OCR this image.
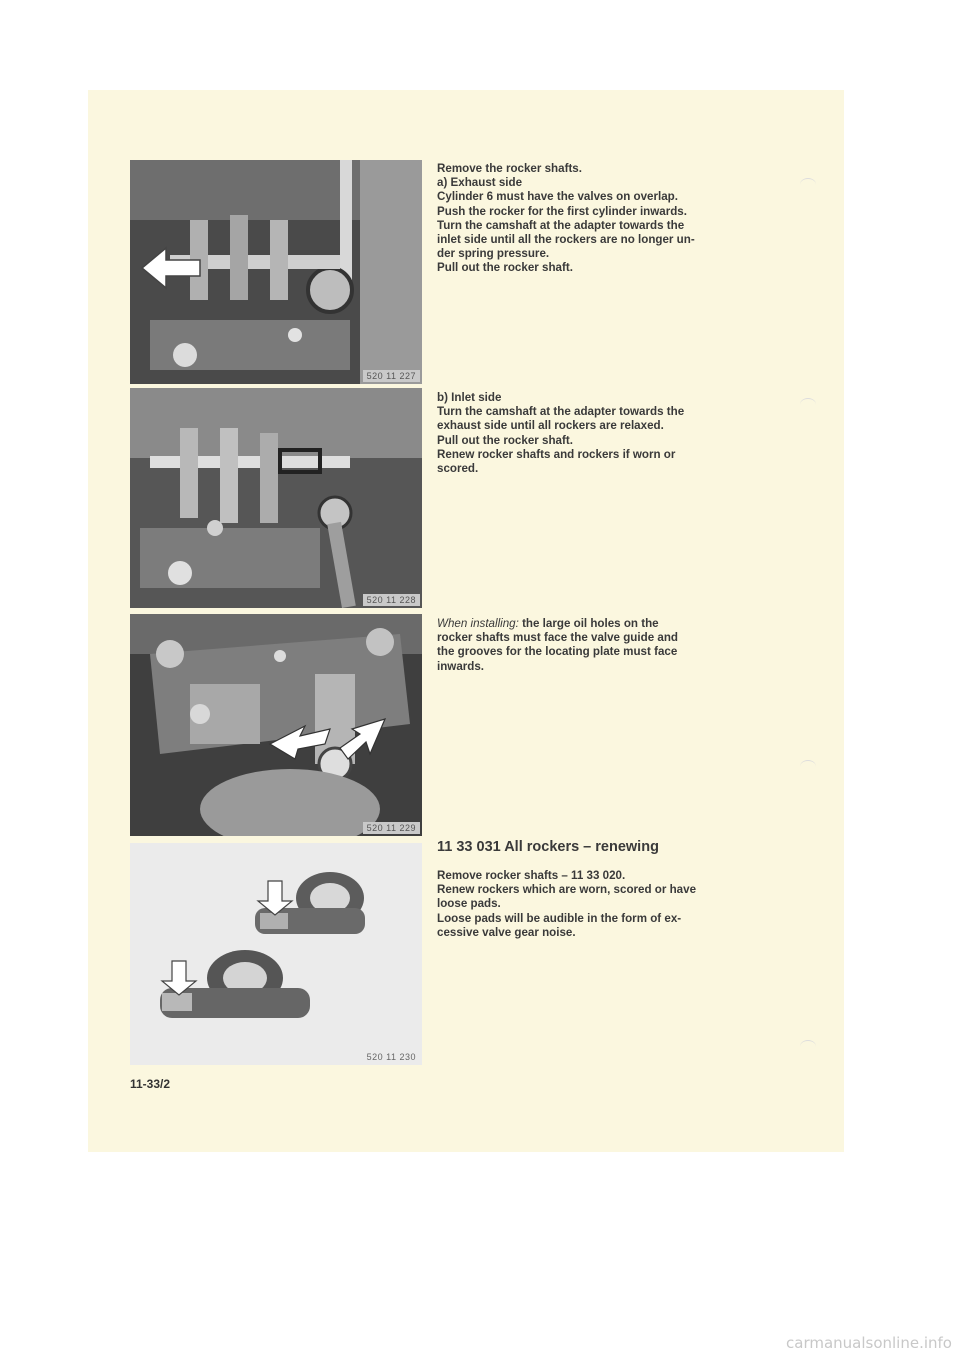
520 11 227
520 11 228
520 11 229
520 11 230

Remove the rocker shafts.

a) Exhaust side

Cylinder 6 must have the valves on overlap.

Push the rocker for the first cylinder inwards.

Turn the camshaft at the adapter towards the

inlet side until all the rockers are no longer un-

der spring pressure.

Pull out the rocker shaft.

b) Inlet side

Turn the camshaft at the adapter towards the

exhaust side until all rockers are relaxed.

Pull out the rocker shaft.

Renew rocker shafts and rockers if worn or

scored.

When installing: the large oil holes on the

rocker shafts must face the valve guide and

the grooves for the locating plate must face

inwards.

11 33 031 All rockers – renewing

Remove rocker shafts – 11 33 020.

Renew rockers which are worn, scored or have

loose pads.

Loose pads will be audible in the form of ex-

cessive valve gear noise.

11-33/2
carmanualsonline.info
